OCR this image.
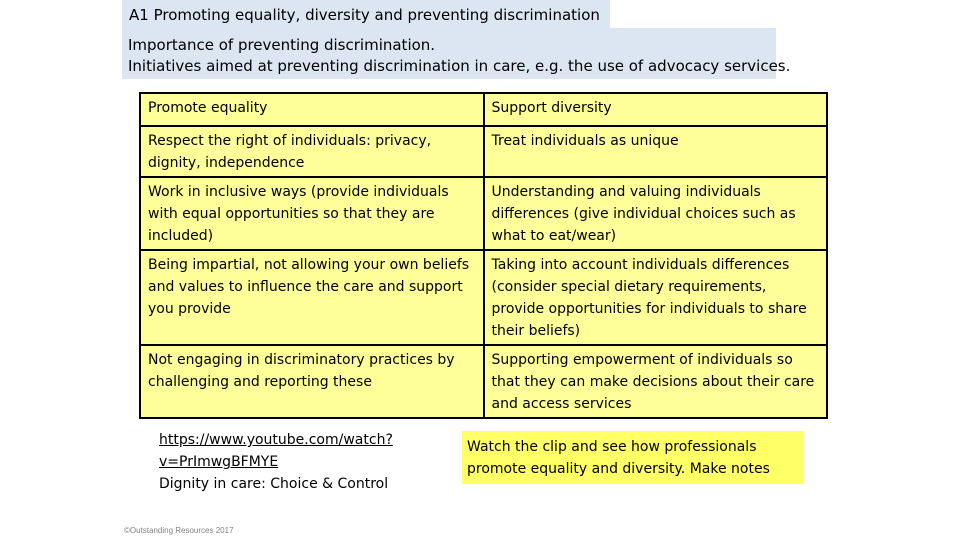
A1 Promoting equality, diversity and preventing discrimination
Importance of preventing discrimination.
Initiatives aimed at preventing discrimination in care, e.g. the use of advocacy services.
Promote equality	Support diversity
Respect the right of individuals: privacy, dignity, independence	Treat individuals as unique
Work in inclusive ways (provide individuals with equal opportunities so that they are included)	Understanding and valuing individuals differences (give individual choices such as what to eat/wear)
Being impartial, not allowing your own beliefs and values to influence the care and support you provide	Taking into account individuals differences (consider special dietary requirements, provide opportunities for individuals to share their beliefs)
Not engaging in discriminatory practices by challenging and reporting these	Supporting empowerment of individuals so that they can make decisions about their care and access services
https://www.youtube.com/watch?v=PrImwgBFMYE
Dignity in care: Choice & Control
Watch the clip and see how professionals promote equality and diversity. Make notes
©Outstanding Resources 2017
